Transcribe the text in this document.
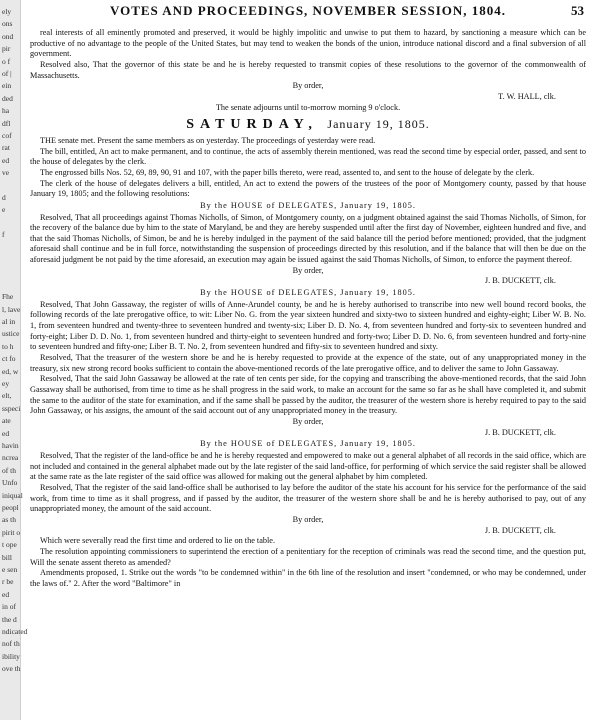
ely
ons
ond
pir
o f
of |
ein
ded
ha
dfl
cof
rat
ed
ve
d
e
f
Fhe
l, lave
al in
ustice
to h
ct fo
ed, w
ey
elt,
sspeci
ate
ed
havin
ncrea
of th
Unfo
iniqual
peopl
as th
pirit o
t ope
bill
e sen
r be
ed
in of
the d
ndicated
nof th
ibility
ove th
VOTES AND PROCEEDINGS, NOVEMBER SESSION, 1804.	53

real interests of all eminently promoted and preserved, it would be highly impolitic and unwise to put them to hazard, by sanctioning a measure which can be productive of no advantage to the people of the United States, but may tend to weaken the bonds of the union, introduce national discord and a final subversion of all government.

Resolved also, That the governor of this state be and he is hereby requested to transmit copies of these resolutions to the governor of the commonwealth of Massachusetts.

By order,

T. W. HALL, clk.

The senate adjourns until to-morrow morning 9 o'clock.

SATURDAY, January 19, 1805.

THE senate met. Present the same members as on yesterday. The proceedings of yesterday were read.

The bill, entitled, An act to make permanent, and to continue, the acts of assembly therein mentioned, was read the second time by especial order, passed, and sent to the house of delegates by the clerk.

The engrossed bills Nos. 52, 69, 89, 90, 91 and 107, with the paper bills thereto, were read, assented to, and sent to the house of delegate by the clerk.

The clerk of the house of delegates delivers a bill, entitled, An act to extend the powers of the trustees of the poor of Montgomery county, passed by that house January 19, 1805; and the following resolutions:

By the HOUSE of DELEGATES, January 19, 1805.

Resolved, That all proceedings against Thomas Nicholls, of Simon, of Montgomery county, on a judgment obtained against the said Thomas Nicholls, of Simon, for the recovery of the balance due by him to the state of Maryland, be and they are hereby suspended until after the first day of November, eighteen hundred and five, and that the said Thomas Nicholls, of Simon, be and he is hereby indulged in the payment of the said balance till the period before mentioned; provided, that the judgment aforesaid shall continue and be in full force, notwithstanding the suspension of proceedings directed by this resolution, and if the balance that will then be due on the aforesaid judgment be not paid by the time aforesaid, an execution may again be issued against the said Thomas Nicholls, of Simon, to enforce the payment thereof.

By order,

J. B. DUCKETT, clk.

By the HOUSE of DELEGATES, January 19, 1805.

Resolved, That John Gassaway, the register of wills of Anne-Arundel county, be and he is hereby authorised to transcribe into new well bound record books, the following records of the late prerogative office, to wit: Liber No. G. from the year sixteen hundred and sixty-two to sixteen hundred and eighty-eight; Liber W. B. No. 1, from seventeen hundred and twenty-three to seventeen hundred and twenty-six; Liber D. D. No. 4, from seventeen hundred and forty-six to seventeen hundred and forty-eight; Liber D. D. No. 1, from seventeen hundred and thirty-eight to seventeen hundred and forty-two; Liber D. D. No. 6, from seventeen hundred and forty-nine to seventeen hundred and fifty-one; Liber B. T. No. 2, from seventeen hundred and fifty-six to seventeen hundred and sixty.

Resolved, That the treasurer of the western shore be and he is hereby requested to provide at the expence of the state, out of any unappropriated money in the treasury, six new strong record books sufficient to contain the above-mentioned records of the late prerogative office, and to deliver the same to John Gassaway.

Resolved, That the said John Gassaway be allowed at the rate of ten cents per side, for the copying and transcribing the above-mentioned records, that the said John Gassaway shall be authorised, from time to time as he shall progress in the said work, to make an account for the same so far as he shall have completed it, and submit the same to the auditor of the state for examination, and if the same shall be passed by the auditor, the treasurer of the western shore is hereby required to pay to the said John Gassaway, or his assigns, the amount of the said account out of any unappropriated money in the treasury.

By order,

J. B. DUCKETT, clk.

By the HOUSE of DELEGATES, January 19, 1805.

Resolved, That the register of the land-office be and he is hereby requested and empowered to make out a general alphabet of all records in the said office, which are not included and contained in the general alphabet made out by the late register of the said land-office, for performing of which service the said register shall be allowed at the same rate as the late register of the said office was allowed for making out the general alphabet by him completed.

Resolved, That the register of the said land-office shall be authorised to lay before the auditor of the state his account for his service for the performance of the said work, from time to time as it shall progress, and if passed by the auditor, the treasurer of the western shore shall be and he is hereby authorised to pay, out of any unappropriated money, the amount of the said account.

By order,

J. B. DUCKETT, clk.

Which were severally read the first time and ordered to lie on the table.

The resolution appointing commissioners to superintend the erection of a penitentiary for the reception of criminals was read the second time, and the question put, Will the senate assent thereto as amended?

Amendments proposed, 1. Strike out the words "to be condemned within" in the 6th line of the resolution and insert "condemned, or who may be condemned, under the laws of." 2. After the word "Baltimore" in
